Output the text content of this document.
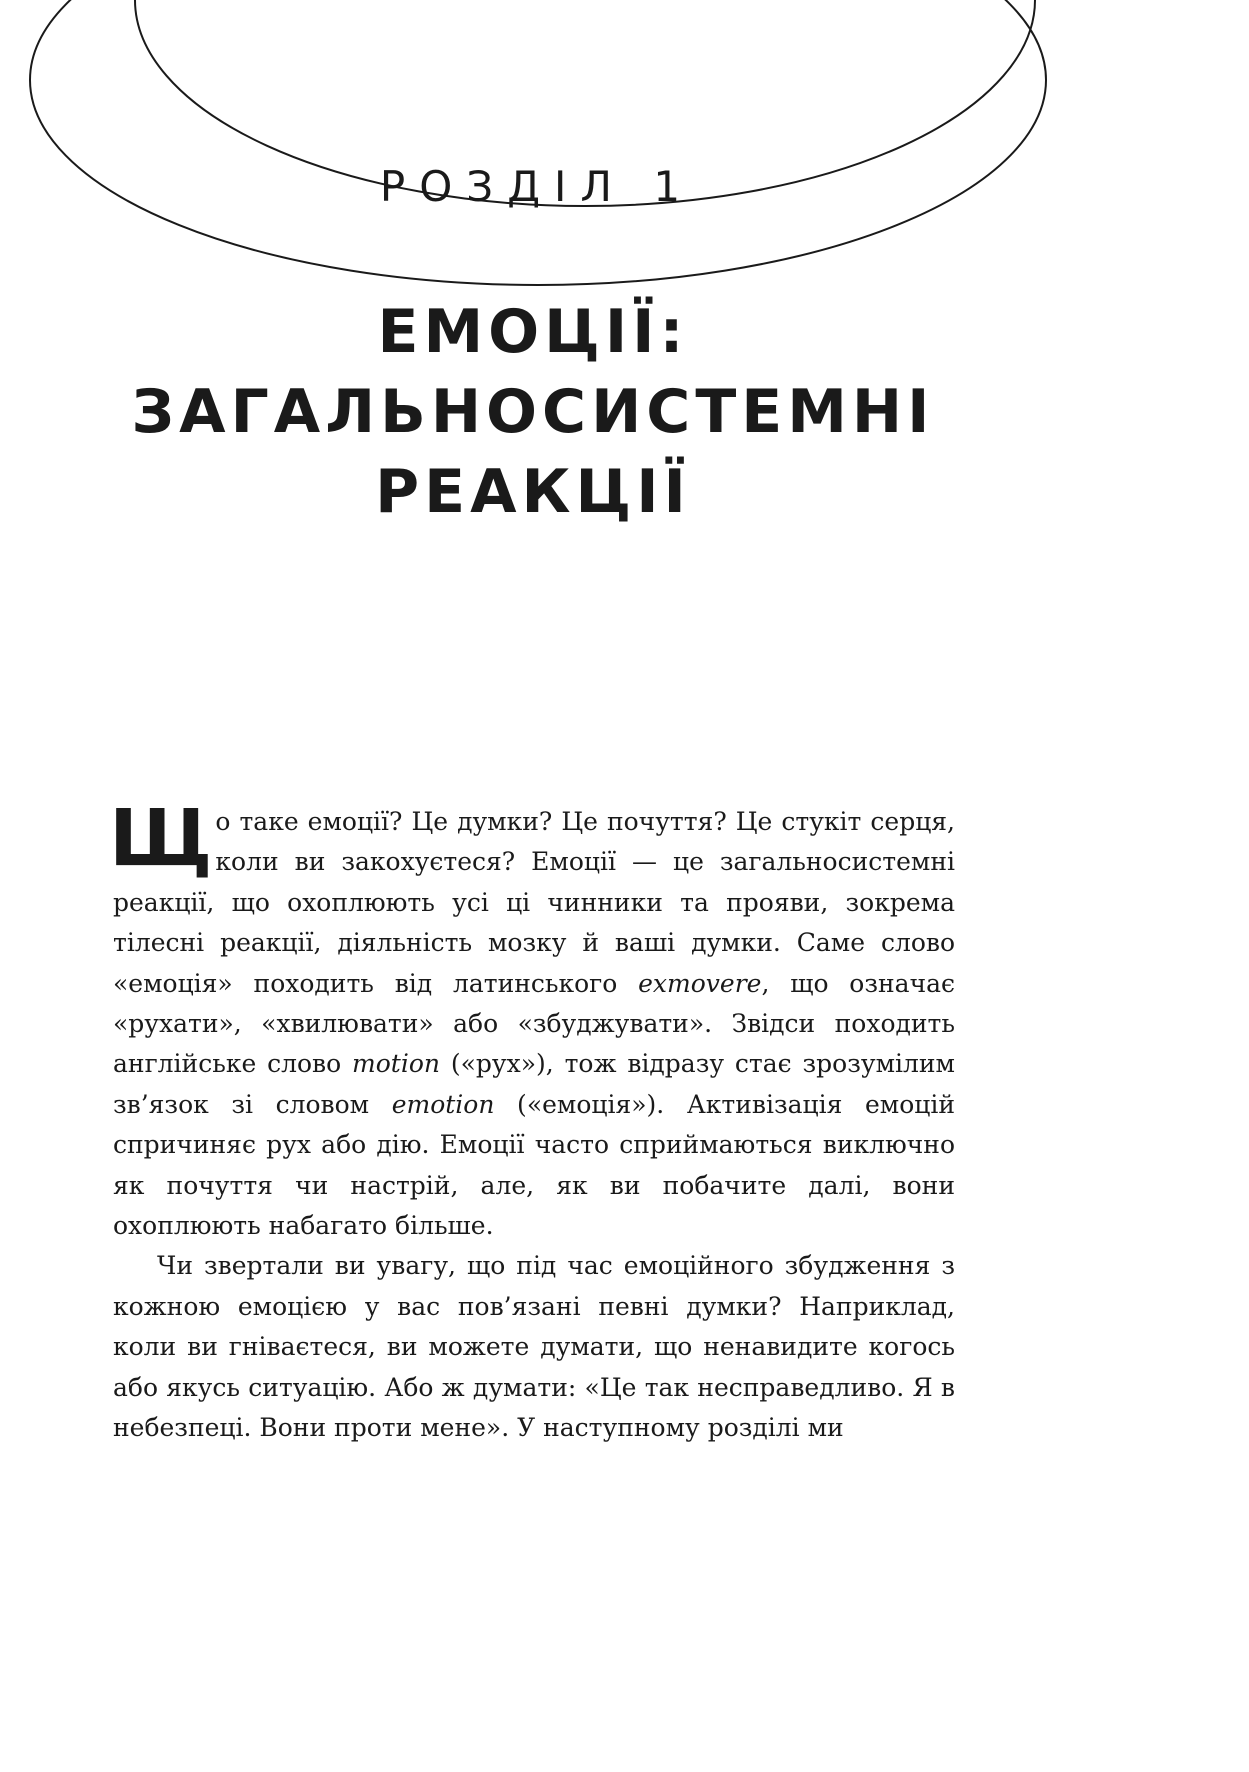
РОЗДІЛ 1
ЕМОЦІЇ:
ЗАГАЛЬНОСИСТЕМНІ
РЕАКЦІЇ

Що таке емоції? Це думки? Це почуття? Це стукіт серця, коли ви закохуєтеся? Емоції — це загальносистемні реакції, що охоплюють усі ці чинники та прояви, зокрема тілесні реакції, діяльність мозку й ваші думки. Саме слово «емоція» походить від латинського exmovere, що означає «рухати», «хвилювати» або «збуджувати». Звідси походить англійське слово motion («рух»), тож відразу стає зрозумілим зв’язок зі словом emotion («емоція»). Активізація емоцій спричиняє рух або дію. Емоції часто сприймаються виключно як почуття чи настрій, але, як ви побачите далі, вони охоплюють набагато більше.

Чи звертали ви увагу, що під час емоційного збудження з кожною емоцією у вас пов’язані певні думки? Наприклад, коли ви гніваєтеся, ви можете думати, що ненавидите когось або якусь ситуацію. Або ж думати: «Це так несправедливо. Я в небезпеці. Вони проти мене». У наступному розділі ми
